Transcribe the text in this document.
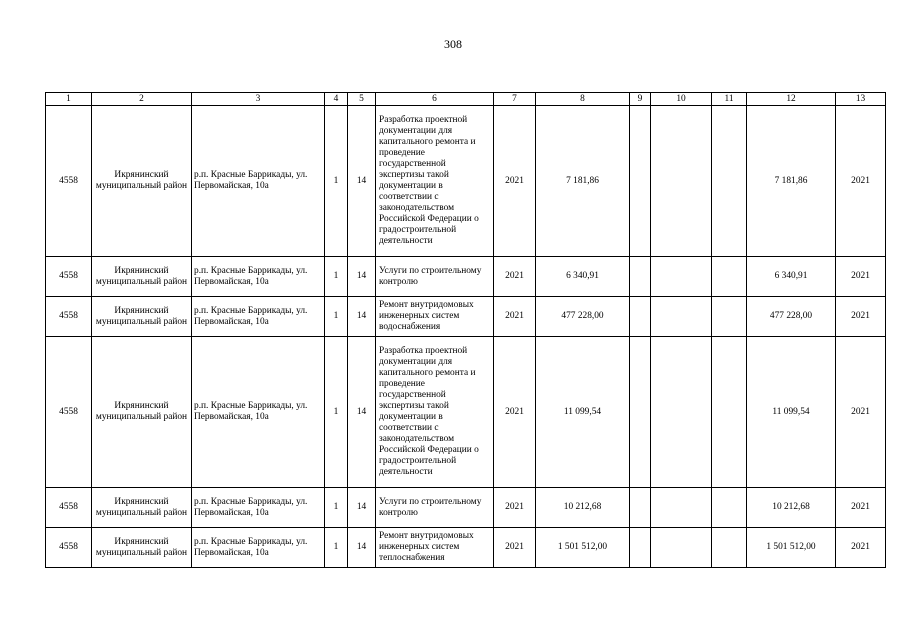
308
1	2	3	4	5	6	7	8	9	10	11	12	13
4558	Икрянинский муниципальный район	р.п. Красные Баррикады, ул. Первомайская, 10а	1	14	Разработка проектной документации для капитального ремонта и проведение государственной экспертизы такой документации в соответствии с законодательством Российской Федерации о градостроительной деятельности	2021	7 181,86				7 181,86	2021
4558	Икрянинский муниципальный район	р.п. Красные Баррикады, ул. Первомайская, 10а	1	14	Услуги по строительному контролю	2021	6 340,91				6 340,91	2021
4558	Икрянинский муниципальный район	р.п. Красные Баррикады, ул. Первомайская, 10а	1	14	Ремонт внутридомовых инженерных систем водоснабжения	2021	477 228,00				477 228,00	2021
4558	Икрянинский муниципальный район	р.п. Красные Баррикады, ул. Первомайская, 10а	1	14	Разработка проектной документации для капитального ремонта и проведение государственной экспертизы такой документации в соответствии с законодательством Российской Федерации о градостроительной деятельности	2021	11 099,54				11 099,54	2021
4558	Икрянинский муниципальный район	р.п. Красные Баррикады, ул. Первомайская, 10а	1	14	Услуги по строительному контролю	2021	10 212,68				10 212,68	2021
4558	Икрянинский муниципальный район	р.п. Красные Баррикады, ул. Первомайская, 10а	1	14	Ремонт внутридомовых инженерных систем теплоснабжения	2021	1 501 512,00				1 501 512,00	2021
